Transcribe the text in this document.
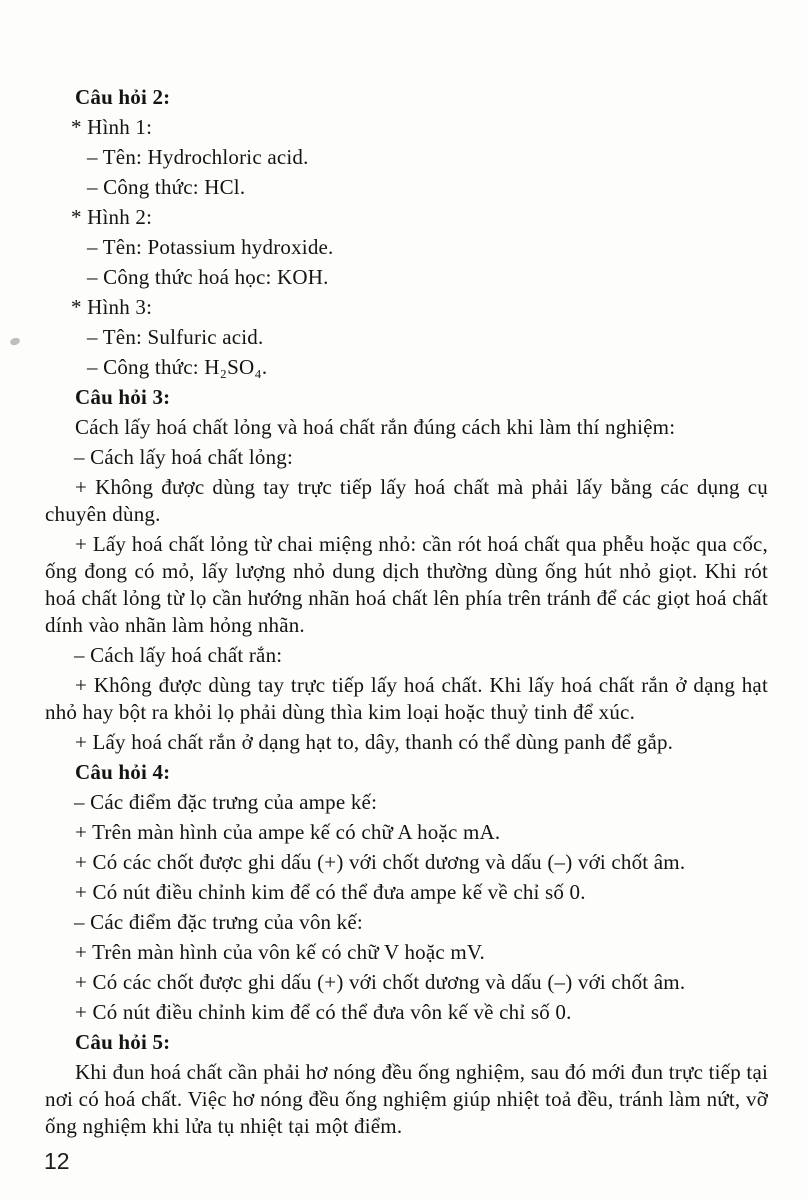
Câu hỏi 2:
* Hình 1:
– Tên: Hydrochloric acid.
– Công thức: HCl.
* Hình 2:
– Tên: Potassium hydroxide.
– Công thức hoá học: KOH.
* Hình 3:
– Tên: Sulfuric acid.
– Công thức: H₂SO₄.
Câu hỏi 3:
Cách lấy hoá chất lỏng và hoá chất rắn đúng cách khi làm thí nghiệm:
– Cách lấy hoá chất lỏng:
+ Không được dùng tay trực tiếp lấy hoá chất mà phải lấy bằng các dụng cụ chuyên dùng.
+ Lấy hoá chất lỏng từ chai miệng nhỏ: cần rót hoá chất qua phễu hoặc qua cốc, ống đong có mỏ, lấy lượng nhỏ dung dịch thường dùng ống hút nhỏ giọt. Khi rót hoá chất lỏng từ lọ cần hướng nhãn hoá chất lên phía trên tránh để các giọt hoá chất dính vào nhãn làm hỏng nhãn.
– Cách lấy hoá chất rắn:
+ Không được dùng tay trực tiếp lấy hoá chất. Khi lấy hoá chất rắn ở dạng hạt nhỏ hay bột ra khỏi lọ phải dùng thìa kim loại hoặc thuỷ tinh để xúc.
+ Lấy hoá chất rắn ở dạng hạt to, dây, thanh có thể dùng panh để gắp.
Câu hỏi 4:
– Các điểm đặc trưng của ampe kế:
+ Trên màn hình của ampe kế có chữ A hoặc mA.
+ Có các chốt được ghi dấu (+) với chốt dương và dấu (–) với chốt âm.
+ Có nút điều chỉnh kim để có thể đưa ampe kế về chỉ số 0.
– Các điểm đặc trưng của vôn kế:
+ Trên màn hình của vôn kế có chữ V hoặc mV.
+ Có các chốt được ghi dấu (+) với chốt dương và dấu (–) với chốt âm.
+ Có nút điều chỉnh kim để có thể đưa vôn kế về chỉ số 0.
Câu hỏi 5:
Khi đun hoá chất cần phải hơ nóng đều ống nghiệm, sau đó mới đun trực tiếp tại nơi có hoá chất. Việc hơ nóng đều ống nghiệm giúp nhiệt toả đều, tránh làm nứt, vỡ ống nghiệm khi lửa tụ nhiệt tại một điểm.
12
